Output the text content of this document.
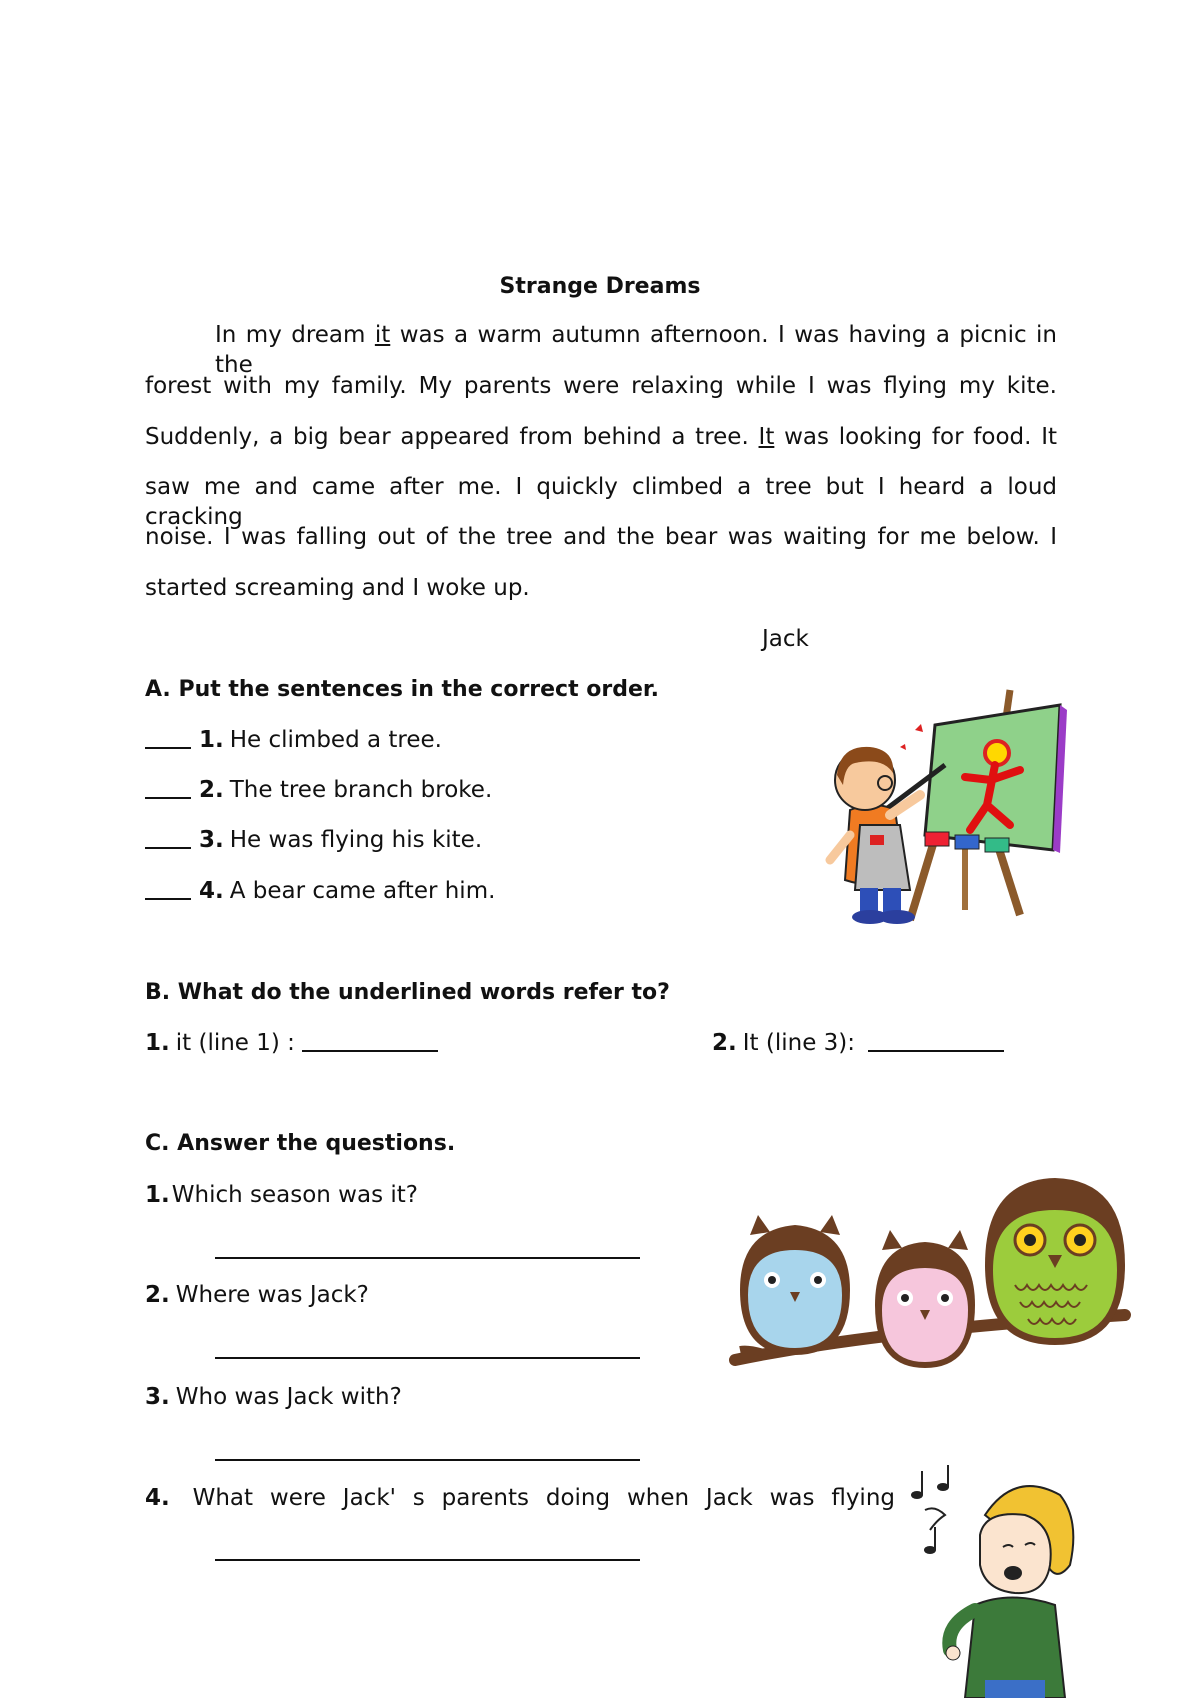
Strange Dreams
In my dream it was a warm autumn afternoon. I was having a picnic in the
forest with my family. My parents were relaxing while I was flying my kite.
Suddenly, a big bear appeared from behind a tree. It was looking for food. It
saw me and came after me. I quickly climbed a tree but I heard a loud cracking
noise. I was falling out of the tree and the bear was waiting for me below. I
started screaming and I woke up.
Jack
A. Put the sentences in the correct order.
1. He climbed a tree.
2. The tree branch broke.
3. He was flying his kite.
4. A bear came after him.
B. What do the underlined words refer to?
1. it (line 1) :	2. It (line 3):
C. Answer the questions.
1.Which season was it?
2. Where was Jack?
3. Who was Jack with?
4. What were Jack' s parents doing when Jack was flying
